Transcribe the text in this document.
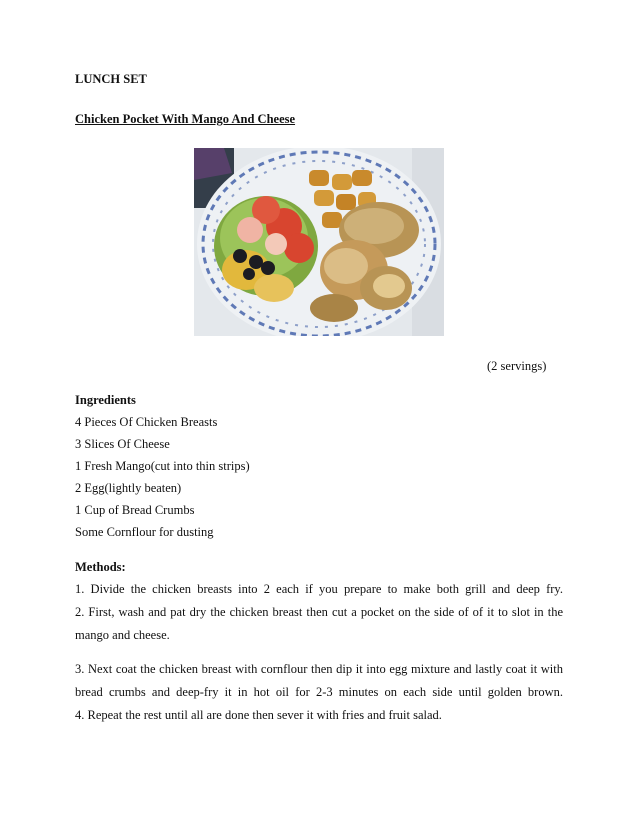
LUNCH SET
Chicken Pocket With Mango And Cheese
(2 servings)
Ingredients
4 Pieces Of Chicken Breasts
3 Slices Of Cheese
1 Fresh Mango(cut into thin strips)
2 Egg(lightly beaten)
1 Cup of Bread Crumbs
Some Cornflour for dusting
Methods:
1. Divide the chicken breasts into 2 each if you prepare to make both grill and deep fry.
2. First, wash and pat dry the chicken breast then cut a pocket on the side of of it to slot in the
mango and cheese.
3. Next coat the chicken breast with cornflour then dip it into egg mixture and lastly coat it with
bread crumbs and deep-fry it in hot oil for 2-3 minutes on each side until golden brown.
4. Repeat the rest until all are done then sever it with fries and fruit salad.
